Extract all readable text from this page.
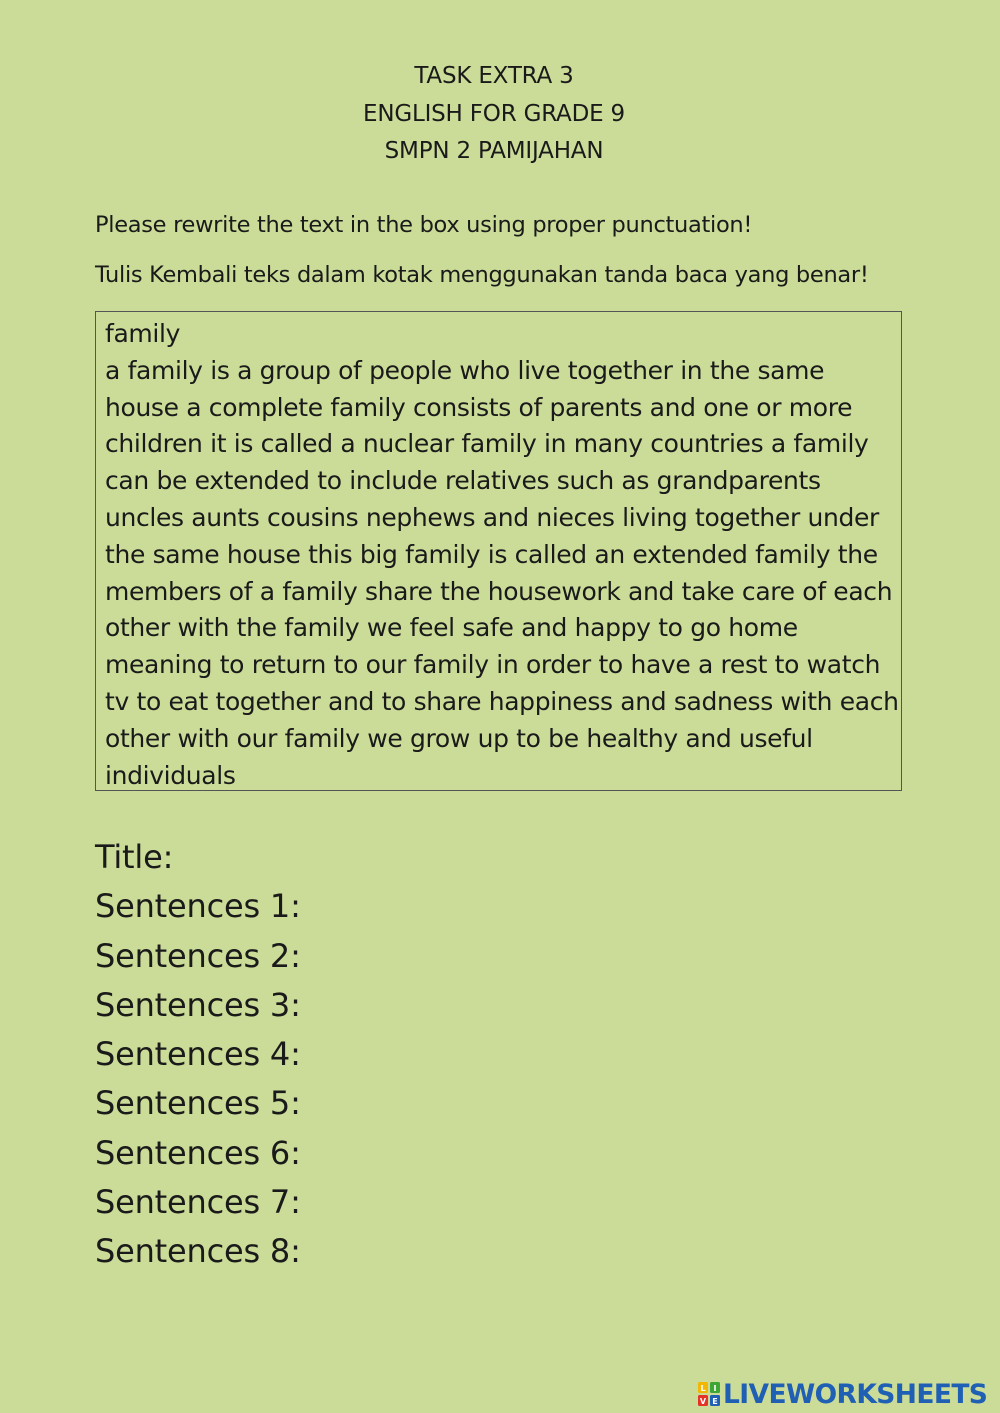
TASK EXTRA 3
ENGLISH FOR GRADE 9
SMPN 2 PAMIJAHAN
Please rewrite the text in the box using proper punctuation!
Tulis Kembali teks dalam kotak menggunakan tanda baca yang benar!
family
a family is a group of people who live together in the same
house a complete family consists of parents and one or more
children it is called a nuclear family in many countries a family
can be extended to include relatives such as grandparents
uncles aunts cousins nephews and nieces living together under
the same house this big family is called an extended family the
members of a family share the housework and take care of each
other with the family we feel safe and happy to go home
meaning to return to our family in order to have a rest to watch
tv to eat together and to share happiness and sadness with each
other with our family we grow up to be healthy and useful
individuals
Title:
Sentences 1:
Sentences 2:
Sentences 3:
Sentences 4:
Sentences 5:
Sentences 6:
Sentences 7:
Sentences 8:
L I
V E LIVEWORKSHEETS
